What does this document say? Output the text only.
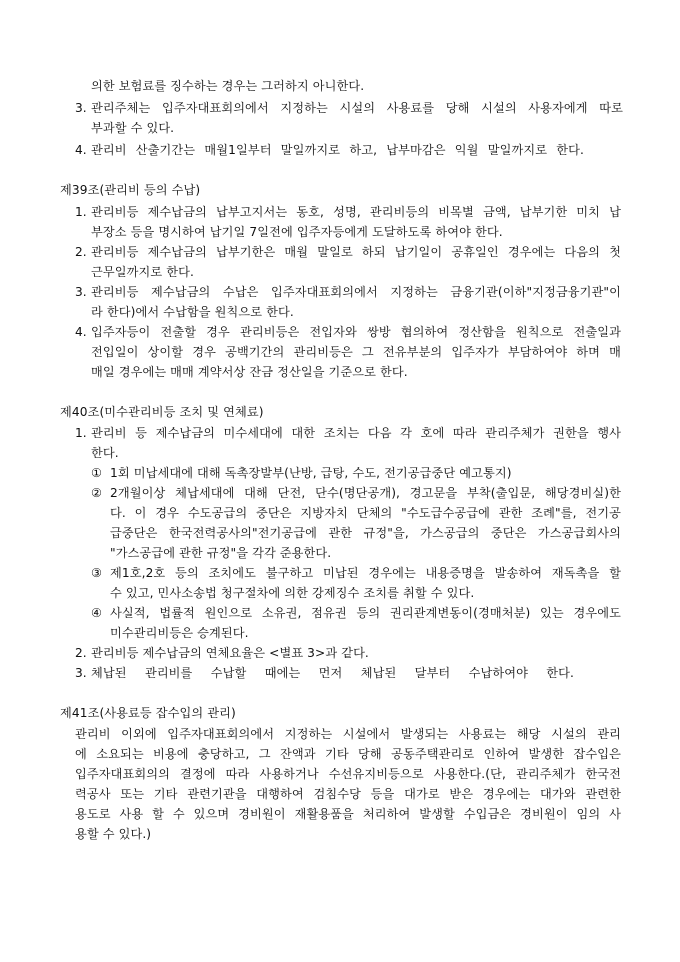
의한 보험료를 징수하는 경우는 그러하지 아니한다.
3. 관리주체는 입주자대표회의에서 지정하는 시설의 사용료를 당해 시설의 사용자에게 따로
부과할 수 있다.
4. 관리비 산출기간는 매월1일부터 말일까지로 하고, 납부마감은 익월 말일까지로 한다.
제39조(관리비 등의 수납)
1. 관리비등 제수납금의 납부고지서는 동호, 성명, 관리비등의 비목별 금액, 납부기한 미치 납
부장소 등을 명시하여 납기일 7일전에 입주자등에게 도달하도록 하여야 한다.
2. 관리비등 제수납금의 납부기한은 매월 말일로 하되 납기일이 공휴일인 경우에는 다음의 첫
근무일까지로 한다.
3. 관리비등 제수납금의 수납은 입주자대표회의에서 지정하는 금융기관(이하"지정금융기관"이
라 한다)에서 수납함을 원칙으로 한다.
4. 입주자등이 전출할 경우 관리비등은 전입자와 쌍방 협의하여 정산함을 원칙으로 전출일과
전입일이 상이할 경우 공백기간의 관리비등은 그 전유부분의 입주자가 부담하여야 하며 매
매일 경우에는 매매 계약서상 잔금 정산일을 기준으로 한다.
제40조(미수관리비등 조치 및 연체료)
1. 관리비 등 제수납금의 미수세대에 대한 조치는 다음 각 호에 따라 관리주체가 권한을 행사
한다.
① 1회 미납세대에 대해 독촉장발부(난방, 급탕, 수도, 전기공급중단 예고통지)
② 2개월이상 체납세대에 대해 단전, 단수(명단공개), 경고문을 부착(출입문, 해당경비실)한
다. 이 경우 수도공급의 중단은 지방자치 단체의 "수도급수공급에 관한 조례"를, 전기공
급중단은 한국전력공사의"전기공급에 관한 규정"을, 가스공급의 중단은 가스공급회사의
"가스공급에 관한 규정"을 각각 준용한다.
③ 제1호,2호 등의 조치에도 불구하고 미납된 경우에는 내용증명을 발송하여 재독촉을 할
수 있고, 민사소송법 청구절차에 의한 강제징수 조치를 취할 수 있다.
④ 사실적, 법률적 원인으로 소유권, 점유권 등의 권리관계변동이(경매처분) 있는 경우에도
미수관리비등은 승계된다.
2. 관리비등 제수납금의 연체요율은 <별표 3>과 같다.
3. 체납된 관리비를 수납할 때에는 먼저 체납된 달부터 수납하여야 한다.
제41조(사용료등 잡수입의 관리)
관리비 이외에 입주자대표회의에서 지정하는 시설에서 발생되는 사용료는 해당 시설의 관리
에 소요되는 비용에 충당하고, 그 잔액과 기타 당해 공동주택관리로 인하여 발생한 잡수입은
입주자대표회의의 결정에 따라 사용하거나 수선유지비등으로 사용한다.(단, 관리주체가 한국전
력공사 또는 기타 관련기관을 대행하여 검침수당 등을 대가로 받은 경우에는 대가와 관련한
용도로 사용 할 수 있으며 경비원이 재활용품을 처리하여 발생할 수입금은 경비원이 임의 사
용할 수 있다.)
